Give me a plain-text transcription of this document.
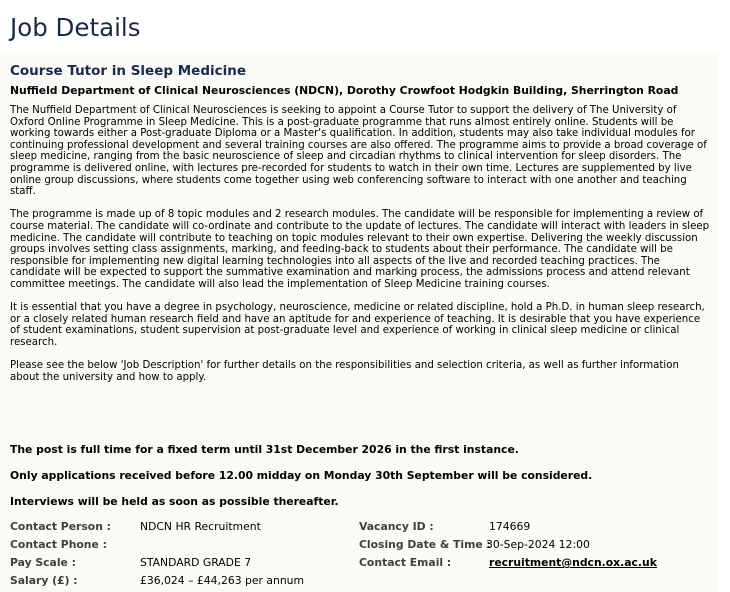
Job Details
Course Tutor in Sleep Medicine
Nuffield Department of Clinical Neurosciences (NDCN), Dorothy Crowfoot Hodgkin Building, Sherrington Road

The Nuffield Department of Clinical Neurosciences is seeking to appoint a Course Tutor to support the delivery of The University of Oxford Online Programme in Sleep Medicine. This is a post-graduate programme that runs almost entirely online. Students will be working towards either a Post-graduate Diploma or a Master's qualification. In addition, students may also take individual modules for continuing professional development and several training courses are also offered. The programme aims to provide a broad coverage of sleep medicine, ranging from the basic neuroscience of sleep and circadian rhythms to clinical intervention for sleep disorders. The programme is delivered online, with lectures pre-recorded for students to watch in their own time. Lectures are supplemented by live online group discussions, where students come together using web conferencing software to interact with one another and teaching staff.

The programme is made up of 8 topic modules and 2 research modules. The candidate will be responsible for implementing a review of course material. The candidate will co-ordinate and contribute to the update of lectures. The candidate will interact with leaders in sleep medicine. The candidate will contribute to teaching on topic modules relevant to their own expertise. Delivering the weekly discussion groups involves setting class assignments, marking, and feeding-back to students about their performance. The candidate will be responsible for implementing new digital learning technologies into all aspects of the live and recorded teaching practices. The candidate will be expected to support the summative examination and marking process, the admissions process and attend relevant committee meetings. The candidate will also lead the implementation of Sleep Medicine training courses.

It is essential that you have a degree in psychology, neuroscience, medicine or related discipline, hold a Ph.D. in human sleep research, or a closely related human research field and have an aptitude for and experience of teaching. It is desirable that you have experience of student examinations, student supervision at post-graduate level and experience of working in clinical sleep medicine or clinical research.

Please see the below 'Job Description' for further details on the responsibilities and selection criteria, as well as further information about the university and how to apply.

The post is full time for a fixed term until 31st December 2026 in the first instance.

Only applications received before 12.00 midday on Monday 30th September will be considered.

Interviews will be held as soon as possible thereafter.

Contact Person :	NDCN HR Recruitment
Contact Phone :
Pay Scale :	STANDARD GRADE 7
Salary (£) :	£36,024 – £44,263 per annum
Vacancy ID :	174669
Closing Date & Time :
30-Sep-2024 12:00
Contact Email :	recruitment@ndcn.ox.ac.uk
